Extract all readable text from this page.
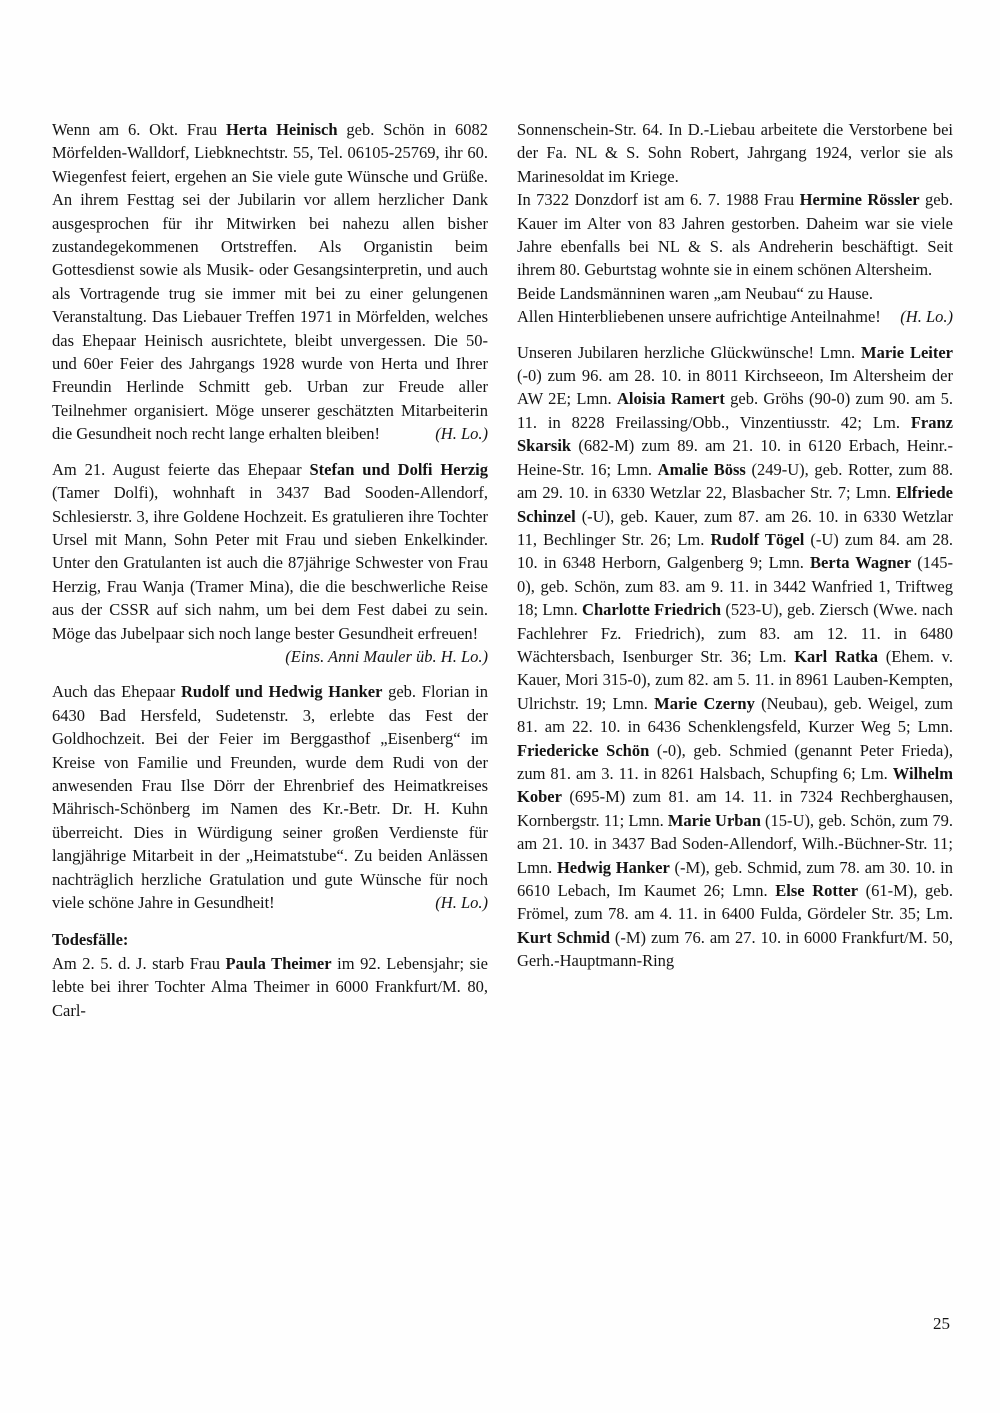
Wenn am 6. Okt. Frau Herta Heinisch geb. Schön in 6082 Mörfelden-Walldorf, Liebknechtstr. 55, Tel. 06105-25769, ihr 60. Wiegenfest feiert, ergehen an Sie viele gute Wünsche und Grüße. An ihrem Festtag sei der Jubilarin vor allem herzlicher Dank ausgesprochen für ihr Mitwirken bei nahezu allen bisher zustandegekommenen Ortstreffen. Als Organistin beim Gottesdienst sowie als Musik- oder Gesangsinterpretin, und auch als Vortragende trug sie immer mit bei zu einer gelungenen Veranstaltung. Das Liebauer Treffen 1971 in Mörfelden, welches das Ehepaar Heinisch ausrichtete, bleibt unvergessen. Die 50- und 60er Feier des Jahrgangs 1928 wurde von Herta und Ihrer Freundin Herlinde Schmitt geb. Urban zur Freude aller Teilnehmer organisiert. Möge unserer geschätzten Mitarbeiterin die Gesundheit noch recht lange erhalten bleiben!	(H. Lo.)

Am 21. August feierte das Ehepaar Stefan und Dolfi Herzig (Tamer Dolfi), wohnhaft in 3437 Bad Sooden-Allendorf, Schlesierstr. 3, ihre Goldene Hochzeit. Es gratulieren ihre Tochter Ursel mit Mann, Sohn Peter mit Frau und sieben Enkelkinder. Unter den Gratulanten ist auch die 87jährige Schwester von Frau Herzig, Frau Wanja (Tramer Mina), die die beschwerliche Reise aus der CSSR auf sich nahm, um bei dem Fest dabei zu sein. Möge das Jubelpaar sich noch lange bester Gesundheit erfreuen!

(Eins. Anni Mauler üb. H. Lo.)

Auch das Ehepaar Rudolf und Hedwig Hanker geb. Florian in 6430 Bad Hersfeld, Sudetenstr. 3, erlebte das Fest der Goldhochzeit. Bei der Feier im Berggasthof „Eisenberg“ im Kreise von Familie und Freunden, wurde dem Rudi von der anwesenden Frau Ilse Dörr der Ehrenbrief des Heimatkreises Mährisch-Schönberg im Namen des Kr.-Betr. Dr. H. Kuhn überreicht. Dies in Würdigung seiner großen Verdienste für langjährige Mitarbeit in der „Heimatstube“. Zu beiden Anlässen nachträglich herzliche Gratulation und gute Wünsche für noch viele schöne Jahre in Gesundheit!	(H. Lo.)

Todesfälle:

Am 2. 5. d. J. starb Frau Paula Theimer im 92. Lebensjahr; sie lebte bei ihrer Tochter Alma Theimer in 6000 Frankfurt/M. 80, Carl-

Sonnenschein-Str. 64. In D.-Liebau arbeitete die Verstorbene bei der Fa. NL & S. Sohn Robert, Jahrgang 1924, verlor sie als Marinesoldat im Kriege.

In 7322 Donzdorf ist am 6. 7. 1988 Frau Hermine Rössler geb. Kauer im Alter von 83 Jahren gestorben. Daheim war sie viele Jahre ebenfalls bei NL & S. als Andreherin beschäftigt. Seit ihrem 80. Geburtstag wohnte sie in einem schönen Altersheim.

Beide Landsmänninen waren „am Neubau“ zu Hause.

Allen Hinterbliebenen unsere aufrichtige Anteilnahme! (H. Lo.)

Unseren Jubilaren herzliche Glückwünsche! Lmn. Marie Leiter (-0) zum 96. am 28. 10. in 8011 Kirchseeon, Im Altersheim der AW 2E; Lmn. Aloisia Ramert geb. Gröhs (90-0) zum 90. am 5. 11. in 8228 Freilassing/Obb., Vinzentiusstr. 42; Lm. Franz Skarsik (682-M) zum 89. am 21. 10. in 6120 Erbach, Heinr.-Heine-Str. 16; Lmn. Amalie Böss (249-U), geb. Rotter, zum 88. am 29. 10. in 6330 Wetzlar 22, Blasbacher Str. 7; Lmn. Elfriede Schinzel (-U), geb. Kauer, zum 87. am 26. 10. in 6330 Wetzlar 11, Bechlinger Str. 26; Lm. Rudolf Tögel (-U) zum 84. am 28. 10. in 6348 Herborn, Galgenberg 9; Lmn. Berta Wagner (145-0), geb. Schön, zum 83. am 9. 11. in 3442 Wanfried 1, Triftweg 18; Lmn. Charlotte Friedrich (523-U), geb. Ziersch (Wwe. nach Fachlehrer Fz. Friedrich), zum 83. am 12. 11. in 6480 Wächtersbach, Isenburger Str. 36; Lm. Karl Ratka (Ehem. v. Kauer, Mori 315-0), zum 82. am 5. 11. in 8961 Lauben-Kempten, Ulrichstr. 19; Lmn. Marie Czerny (Neubau), geb. Weigel, zum 81. am 22. 10. in 6436 Schenklengsfeld, Kurzer Weg 5; Lmn. Friedericke Schön (-0), geb. Schmied (genannt Peter Frieda), zum 81. am 3. 11. in 8261 Halsbach, Schupfing 6; Lm. Wilhelm Kober (695-M) zum 81. am 14. 11. in 7324 Rechberghausen, Kornbergstr. 11; Lmn. Marie Urban (15-U), geb. Schön, zum 79. am 21. 10. in 3437 Bad Soden-Allendorf, Wilh.-Büchner-Str. 11; Lmn. Hedwig Hanker (-M), geb. Schmid, zum 78. am 30. 10. in 6610 Lebach, Im Kaumet 26; Lmn. Else Rotter (61-M), geb. Frömel, zum 78. am 4. 11. in 6400 Fulda, Gördeler Str. 35; Lm. Kurt Schmid (-M) zum 76. am 27. 10. in 6000 Frankfurt/M. 50, Gerh.-Hauptmann-Ring

25
